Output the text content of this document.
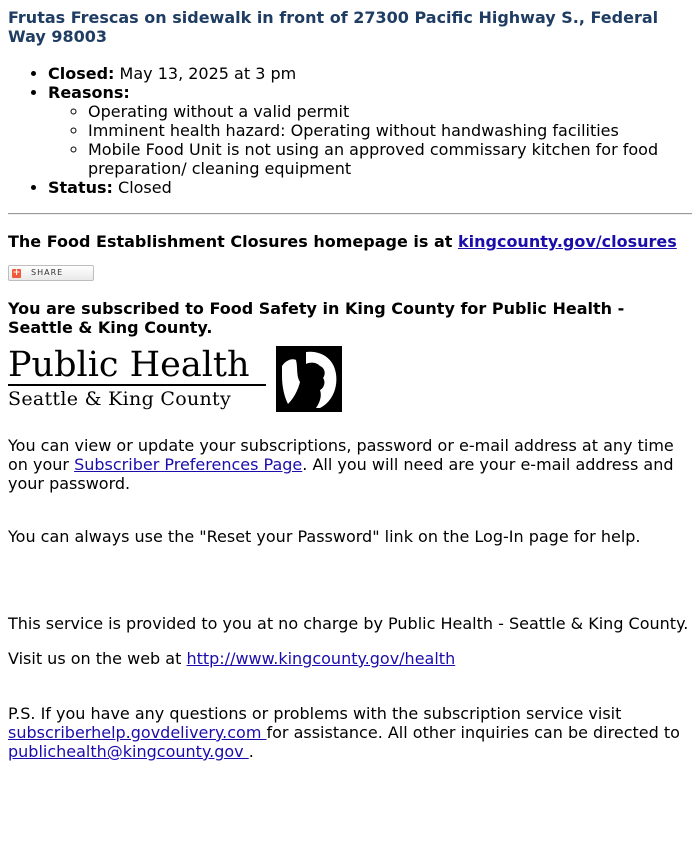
Frutas Frescas on sidewalk in front of 27300 Pacific Highway S., Federal Way 98003
• Closed: May 13, 2025 at 3 pm
• Reasons:
◦ Operating without a valid permit
◦ Imminent health hazard: Operating without handwashing facilities
◦ Mobile Food Unit is not using an approved commissary kitchen for food preparation/ cleaning equipment
• Status: Closed
The Food Establishment Closures homepage is at kingcounty.gov/closures
+ SHARE
You are subscribed to Food Safety in King County for Public Health - Seattle & King County.
Public Health
Seattle & King County

You can view or update your subscriptions, password or e-mail address at any time on your Subscriber Preferences Page. All you will need are your e-mail address and your password.

You can always use the "Reset your Password" link on the Log-In page for help.

This service is provided to you at no charge by Public Health - Seattle & King County.

Visit us on the web at http://www.kingcounty.gov/health

P.S. If you have any questions or problems with the subscription service visit subscriberhelp.govdelivery.com for assistance. All other inquiries can be directed to publichealth@kingcounty.gov .
